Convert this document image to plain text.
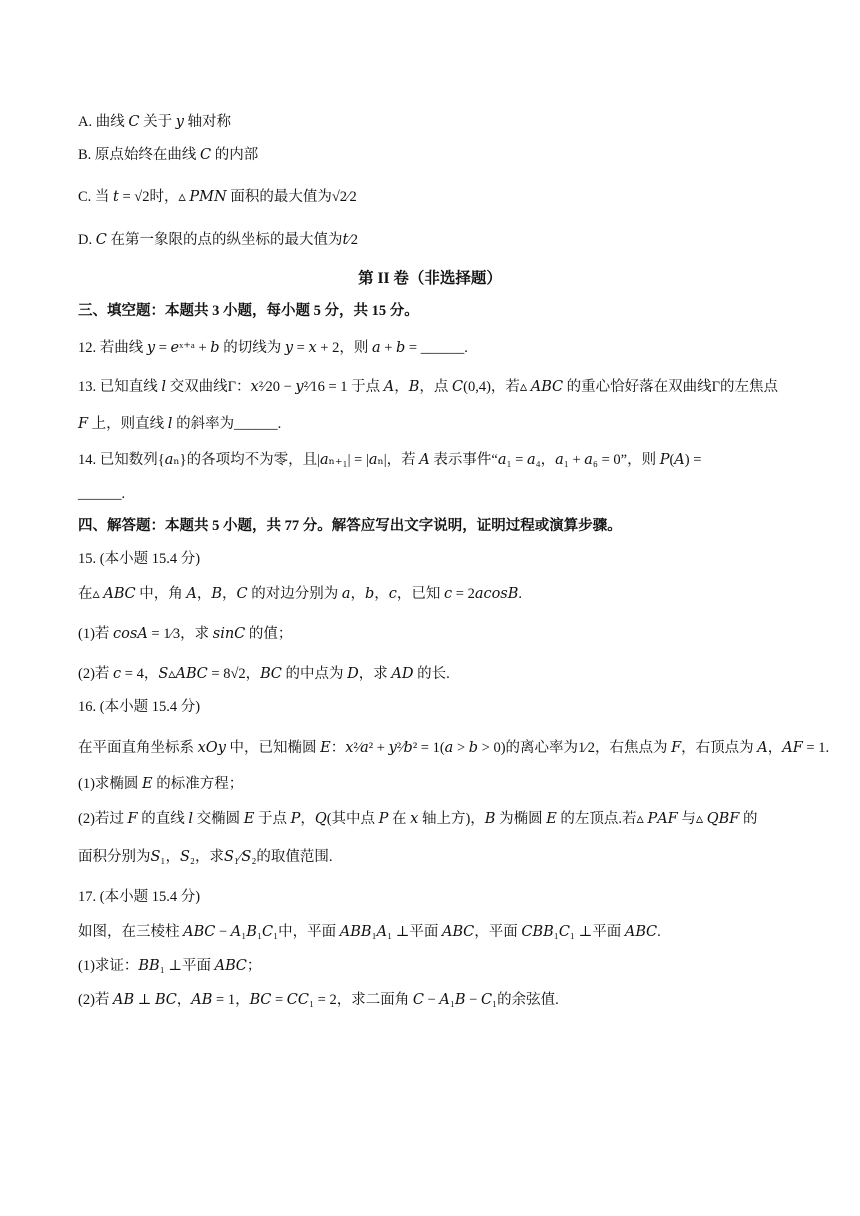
A. 曲线 𝐶 关于 𝑦 轴对称
B. 原点始终在曲线 𝐶 的内部
C. 当 𝑡 = √2时，▵ 𝑃𝑀𝑁 面积的最大值为√2⁄2
D. 𝐶 在第一象限的点的纵坐标的最大值为𝑡⁄2
第 II 卷（非选择题）
三、填空题：本题共 3 小题，每小题 5 分，共 15 分。
12. 若曲线 𝑦 = 𝑒ˣ⁺ᵃ + 𝑏 的切线为 𝑦 = 𝑥 + 2，则 𝑎 + 𝑏 = ______.
13. 已知直线 𝑙 交双曲线Γ：𝑥²⁄20 − 𝑦²⁄16 = 1 于点 𝐴，𝐵，点 𝐶(0,4)，若▵ 𝐴𝐵𝐶 的重心恰好落在双曲线Γ的左焦点
𝐹 上，则直线 𝑙 的斜率为______.
14. 已知数列{𝑎ₙ}的各项均不为零，且|𝑎ₙ₊₁| = |𝑎ₙ|，若 𝐴 表示事件“𝑎₁ = 𝑎₄，𝑎₁ + 𝑎₆ = 0”，则 𝑃(𝐴) =
______.
四、解答题：本题共 5 小题，共 77 分。解答应写出文字说明，证明过程或演算步骤。
15. (本小题 15.4 分)
在▵ 𝐴𝐵𝐶 中，角 𝐴，𝐵，𝐶 的对边分别为 𝑎，𝑏，𝑐，已知 𝑐 = 2𝑎𝑐𝑜𝑠𝐵.
(1)若 𝑐𝑜𝑠𝐴 = 1⁄3，求 𝑠𝑖𝑛𝐶 的值；
(2)若 𝑐 = 4，𝑆▵𝐴𝐵𝐶 = 8√2，𝐵𝐶 的中点为 𝐷，求 𝐴𝐷 的长.
16. (本小题 15.4 分)
在平面直角坐标系 𝑥𝑂𝑦 中，已知椭圆 𝐸：𝑥²⁄𝑎² + 𝑦²⁄𝑏² = 1(𝑎 > 𝑏 > 0)的离心率为1⁄2，右焦点为 𝐹，右顶点为 𝐴，𝐴𝐹 = 1.
(1)求椭圆 𝐸 的标准方程；
(2)若过 𝐹 的直线 𝑙 交椭圆 𝐸 于点 𝑃，𝑄(其中点 𝑃 在 𝑥 轴上方)，𝐵 为椭圆 𝐸 的左顶点.若▵ 𝑃𝐴𝐹 与▵ 𝑄𝐵𝐹 的
面积分别为𝑆₁，𝑆₂，求𝑆₁⁄𝑆₂的取值范围.
17. (本小题 15.4 分)
如图，在三棱柱 𝐴𝐵𝐶 − 𝐴₁𝐵₁𝐶₁中，平面 𝐴𝐵𝐵₁𝐴₁ ⊥平面 𝐴𝐵𝐶，平面 𝐶𝐵𝐵₁𝐶₁ ⊥平面 𝐴𝐵𝐶.
(1)求证：𝐵𝐵₁ ⊥平面 𝐴𝐵𝐶；
(2)若 𝐴𝐵 ⊥ 𝐵𝐶，𝐴𝐵 = 1，𝐵𝐶 = 𝐶𝐶₁ = 2，求二面角 𝐶 − 𝐴₁𝐵 − 𝐶₁的余弦值.
